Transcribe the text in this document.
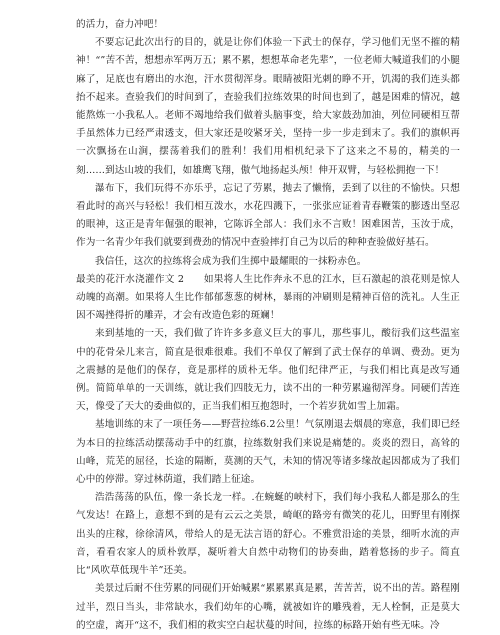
的活力，奋力冲吧！

不要忘记此次出行的目的，就是让你们体验一下武士的保存，学习他们无坚不摧的精神！“”苦不苦，想想赤军两万五；累不累，想想革命老先辈”，一位老师大喊道我们的小腿麻了，足底也有磨出的水泡，汗水贯彻浑身。眼睛被阳光刺的睁不开，饥渴的我们连头都抬不起来。查验我们的时间到了，查验我们拉练效果的时间也到了，越是困难的情况，越能熬炼一小我私人。老师不竭地给我们做着头脑事变，给大家鼓劲加油，列位同硬相互帮手虽然体力已经严肃透支，但大家还是咬紧牙关，坚持一步一步走到末了。我们的旗帜再一次飘扬在山涧，摆荡着我们的胜利！我们用相机纪录下了这来之不易的，精美的一刻……到达山坡的我们，如雄鹰飞翔，傲气地扬起头颅！伸开双臂，与轻松拥抱一下！

瀑布下，我们玩得不亦乐乎，忘记了劳累，抛去了懒惰，丢到了以往的不愉快。只想看此时的高兴与轻松！我们相互泼水，水花四溅下，一张张应证着青春鞭策的膨透出坚忍的眼神，这正是青年倔强的眼神，它陈诉全部人：我们永不言败！困难困苦，玉汝于成，作为一名青少年我们就要到费劲的情况中查验摔打自己为以后的种种查验做好基石。

我信任，这次的拉练将会成为我们生掷中最耀眼的一抹粉赤色。

最美的花汗水浇灌作文 2　　如果将人生比作奔永不息的江水，巨石激起的浪花则是惊人动魄的高潮。如果将人生比作郁郁葱葱的树林，暴雨的冲刷则是精神百倍的洗礼。人生正因不竭挫得折的雕弄，才会有改造色彩的斑斓！

来到基地的一天，我们做了许许多多意义巨大的事儿，那些事儿，酸衍我们这些温室中的花骨朵儿来言，简直是很难很难。我们不单仅了解到了武士保存的单调、费劲。更为之震撼的是他们的保存，竟是那样的质朴无华。他们纪律严正，与我们相比真是改写通例。简简单单的一天训练，就让我们四肢无力，读不出的一种劳累遍彻浑身。同硬们苦连天，像受了天大的委曲似的，正当我们相互抱怨时，一个若岁犹如雪上加霜。

基地训练的末了一项任务——野营拉练6.2公里！气氛刚退去烟晨的寒意，我们即已经为本日的拉练活动摆荡动手中的红旗，拉练数射我们来说是痛楚的。炎炎的烈日，高耸的山峰，荒芜的屈径，长途的隔断，莫测的天气，未知的情况等诸多缘故起因都成为了我们心中的停滞。穿过林荫道，我们踏上征途。

浩浩荡荡的队伍，像一条长龙一样。.在蜿蜒的峡村下，我们每小我私人都是那么的生气发达！在路上，意想不到的是有云云之美景，崎岖的路旁有微笑的花儿，田野里有刚探出头的庄稼，徐徐清风，带给人的是无法言语的舒心。不雅赏沿途的美景，细听水流的声音，看看农家人的质朴敦厚，凝听着大自然中动物们的协奏曲，踏着悠扬的步子。简直比“风吹草低现牛羊”还美。

美景过后耐不住劳累的同砚们开始喊累“累累累真是累，苦苦苦，说不出的苦。路程刚过半，烈日当头，非常缺水，我们幼年的心嘴，就被如许的雕残着，无人栓恫，正是莫大的空虚，离开“这不，我们相的救实空白起状蔓的时间，拉练的标路开始有些无味。冷
